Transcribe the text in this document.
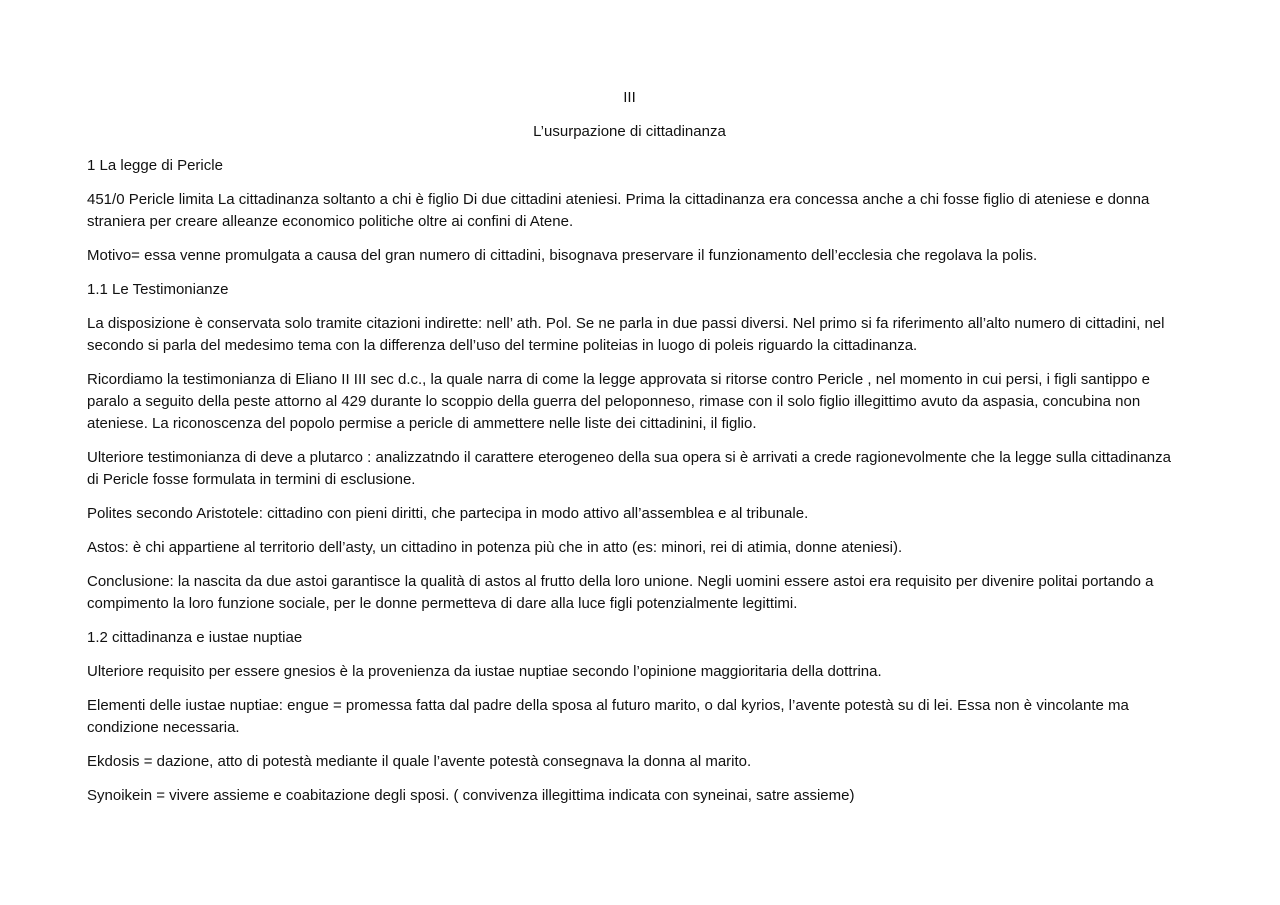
III
L’usurpazione di cittadinanza
1 La legge di Pericle

451/0 Pericle limita La cittadinanza soltanto a chi è figlio Di due cittadini ateniesi. Prima la cittadinanza era concessa anche a chi fosse figlio di ateniese e donna straniera per creare alleanze economico politiche oltre ai confini di Atene.

Motivo= essa venne promulgata a causa del gran numero di cittadini, bisognava preservare il funzionamento dell’ecclesia che regolava la polis.

1.1 Le Testimonianze

La disposizione è conservata solo tramite citazioni indirette: nell’ ath. Pol. Se ne parla in due passi diversi. Nel primo si fa riferimento all’alto numero di cittadini, nel secondo si parla del medesimo tema con la differenza dell’uso del termine politeias in luogo di poleis riguardo la cittadinanza.

Ricordiamo la testimonianza di Eliano II III sec d.c., la quale narra di come la legge approvata si ritorse contro Pericle , nel momento in cui persi, i figli santippo e paralo a seguito della peste attorno al 429 durante lo scoppio della guerra del peloponneso, rimase con il solo figlio illegittimo avuto da aspasia, concubina non ateniese. La riconoscenza del popolo permise a pericle di ammettere nelle liste dei cittadinini, il figlio.

Ulteriore testimonianza di deve a plutarco : analizzatndo il carattere eterogeneo della sua opera si è arrivati a crede ragionevolmente che la legge sulla cittadinanza di Pericle fosse formulata in termini di esclusione.

Polites secondo Aristotele: cittadino con pieni diritti, che partecipa in modo attivo all’assemblea e al tribunale.

Astos: è chi appartiene al territorio dell’asty, un cittadino in potenza più che in atto (es: minori, rei di atimia, donne ateniesi).

Conclusione: la nascita da due astoi garantisce la qualità di astos al frutto della loro unione. Negli uomini essere astoi era requisito per divenire politai portando a compimento la loro funzione sociale, per le donne permetteva di dare alla luce figli potenzialmente legittimi.

1.2 cittadinanza e iustae nuptiae

Ulteriore requisito per essere gnesios è la provenienza da iustae nuptiae secondo l’opinione maggioritaria della dottrina.

Elementi delle iustae nuptiae: engue = promessa fatta dal padre della sposa al futuro marito, o dal kyrios, l’avente potestà su di lei. Essa non è vincolante ma condizione necessaria.

Ekdosis = dazione, atto di potestà mediante il quale l’avente potestà consegnava la donna al marito.

Synoikein = vivere assieme e coabitazione degli sposi. ( convivenza illegittima indicata con syneinai, satre assieme)
